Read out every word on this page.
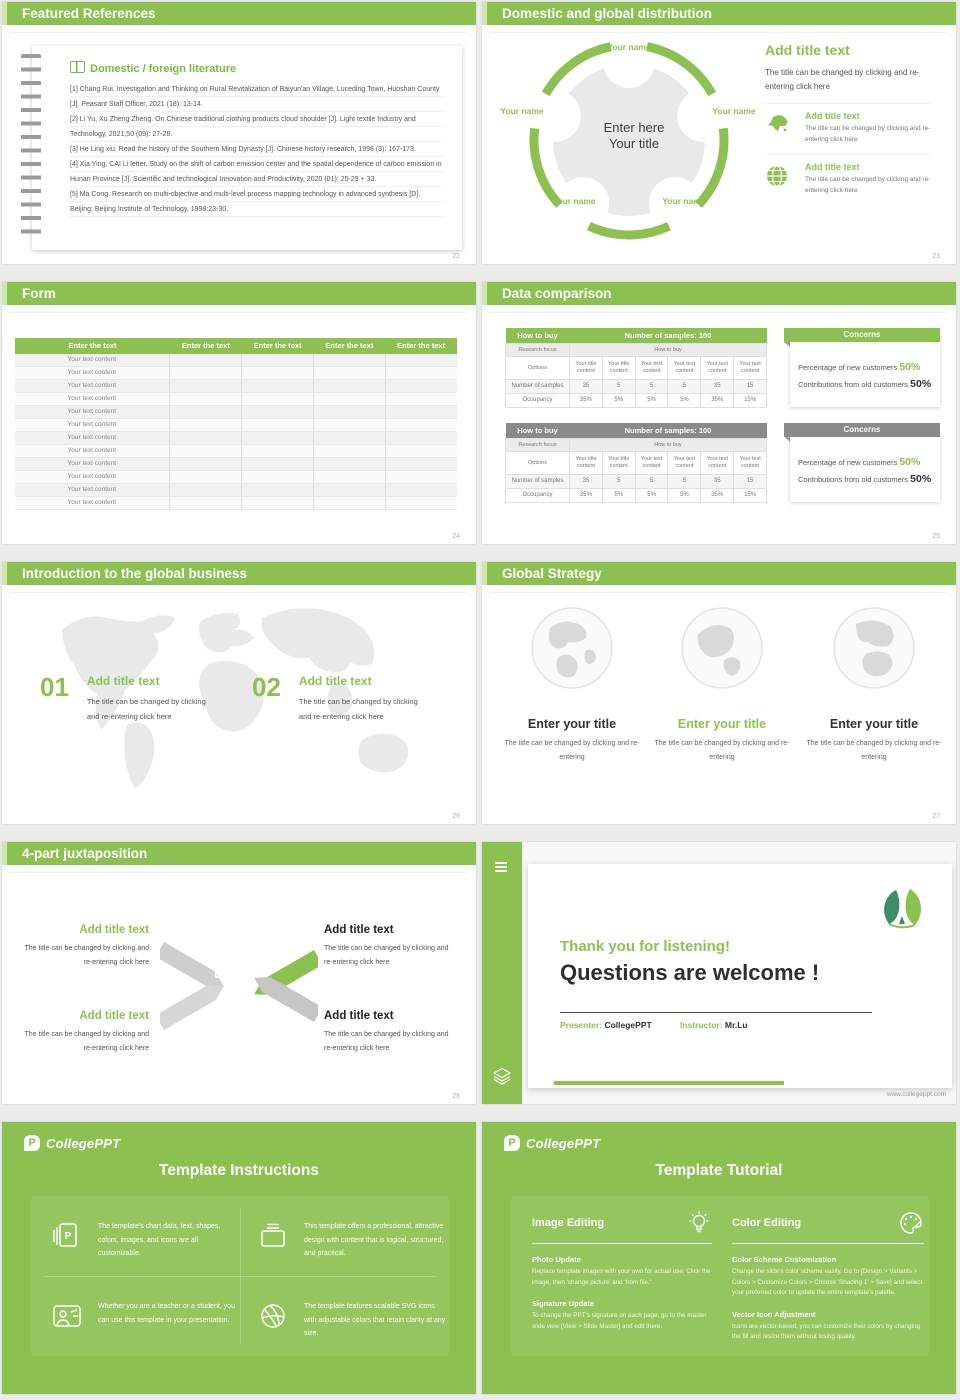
Featured References
Domestic / foreign literature

[1] Chang Rui. Investigation and Thinking on Rural Revitalization of Baiyun'an Village, Luceding Town, Huoshan County [J]. Peasant Staff Officer, 2021 (18): 13-14.

[2] Li Yu, Xu Zheng Zheng. On Chinese traditional clothing products cloud shoulder [J]. Light textile Industry and Technology, 2021,50 (09): 27-28.

[3] He Ling xiu. Read the history of the Southern Ming Dynasty [J]. Chinese history research, 1998 (3): 167-173.

[4] Xia Ying, CAI Li letter. Study on the shift of carbon emission center and the spatial dependence of carbon emission in Hunan Province [J]. Scientific and technological Innovation and Productivity, 2020 (01): 25-29 + 33.

[5] Ma Cong. Research on multi-objective and multi-level process mapping technology in advanced synthesis [D]. Beijing: Beijing Institute of Technology, 1998:23-30.

22
Domestic and global distribution
Your name
Your name	Your name
Your name	Your name
Enter here
Your title
Add title text
The title can be changed by clicking and re-entering click here
Add title text
The title can be changed by clicking and re-entering click here
Add title text
The title can be changed by clicking and re-entering click here
23
Form
Enter the text	Enter the text	Enter the text	Enter the text	Enter the text
Your text content
Your text content
Your text content
Your text content
Your text content
Your text content
Your text content
Your text content
Your text content
Your text content
Your text content
Your text content
24
Data comparison
How to buy	Number of samples: 100					
Research focus	How to buy					
Options	Your title content	Your title content	Your text content	Your text content	Your text content	Your text content
Number of samples	35	5	5	5	35	15
Occupancy	35%	5%	5%	5%	35%	15%
How to buy	Number of samples: 100					
Research focus	How to buy					
Options	Your title content	Your title content	Your text content	Your text content	Your text content	Your text content
Number of samples	35	5	5	5	35	15
Occupancy	35%	5%	5%	5%	35%	15%
Percentage of new customers 50%
Contributions from old customers 50%
Concerns
Percentage of new customers 50%
Contributions from old customers 50%
Concerns
25
Introduction to the global business
01 Add title text
The title can be changed by clicking and re-entering click here
02 Add title text
The title can be changed by clicking and re-entering click here
26
Global Strategy
Enter your title
The title can be changed by clicking and re-entering
Enter your title
The title can be changed by clicking and re-entering
Enter your title
The title can be changed by clicking and re-entering
27
4-part juxtaposition
D A
C B
Add title text
The title can be changed by clicking and re-entering click here
Add title text
The title can be changed by clicking and re-entering click here
Add title text
The title can be changed by clicking and re-entering click here
Add title text
The title can be changed by clicking and re-entering click here
28
Thank you for listening!
Questions are welcome !
Presenter: CollegePPT	Instructor: Mr.Lu
www.collegeppt.com
P CollegePPT
Template Instructions
P
The template's chart data, text, shapes, colors, images, and icons are all customizable.
This template offers a professional, attractive design with content that is logical, structured, and practical.
Whether you are a teacher or a student, you can use this template in your presentation.
The template features scalable SVG icons with adjustable colors that retain clarity at any size.
P CollegePPT
Template Tutorial
Image Editing
Photo Update
Replace template images with your own for actual use. Click the image, then 'change picture' and 'from file.'
Signature Update
To change the PPT's signature on each page, go to the master slide view [View > Slide Master] and edit there.
Color Editing
Color Scheme Customization
Change the slide's color scheme easily. Go to [Design > Variants > Colors > Customize Colors > Choose 'Shading 1' > Save] and select your preferred color to update the entire template's palette.
Vector Icon Adjustment
Icons are vector-based, you can customize their colors by changing the fill and resize them without losing quality.
